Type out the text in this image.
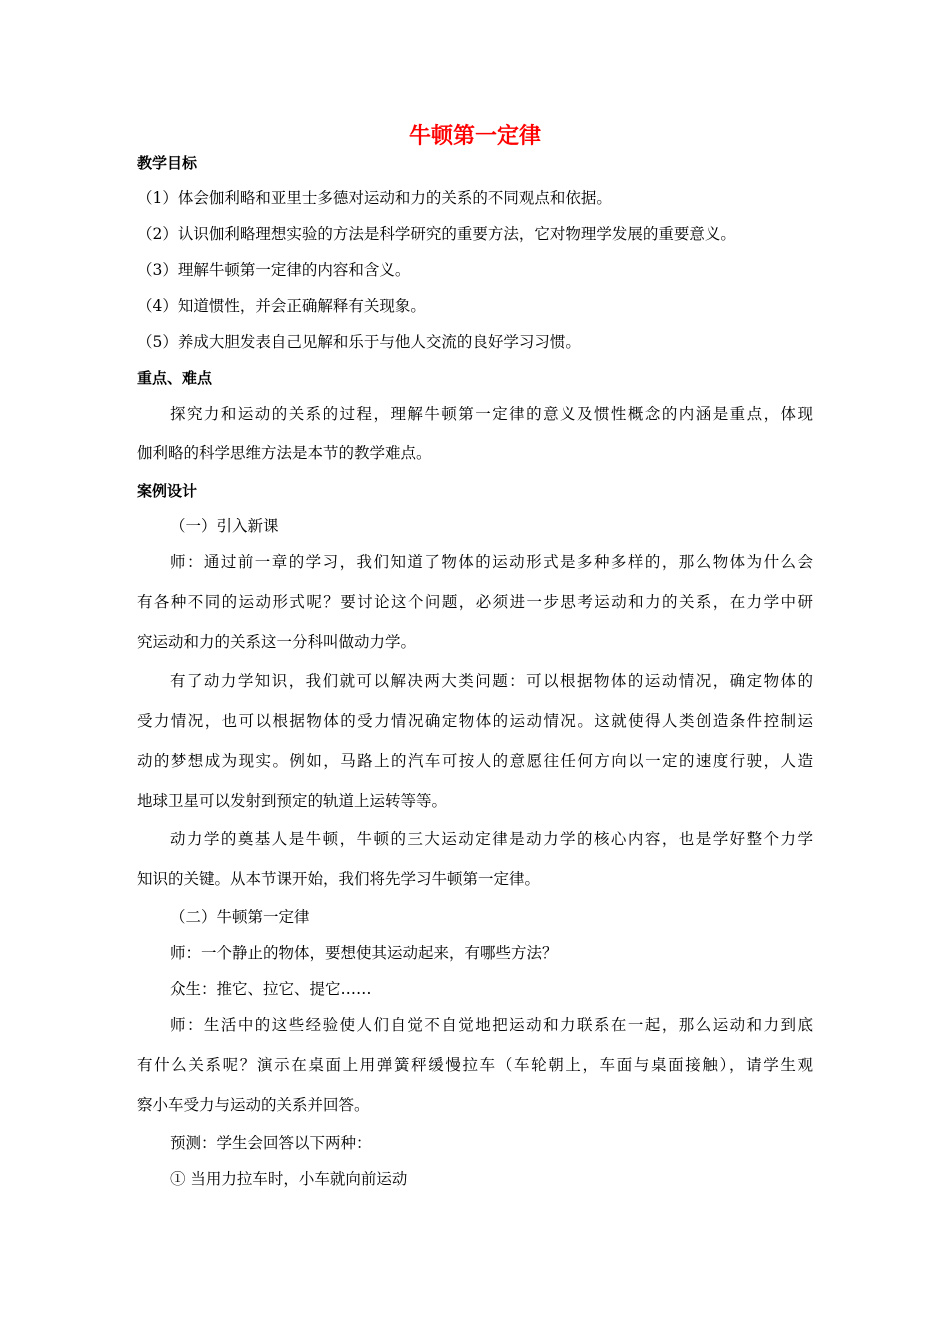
牛顿第一定律
教学目标
（1）体会伽利略和亚里士多德对运动和力的关系的不同观点和依据。
（2）认识伽利略理想实验的方法是科学研究的重要方法，它对物理学发展的重要意义。
（3）理解牛顿第一定律的内容和含义。
（4）知道惯性，并会正确解释有关现象。
（5）养成大胆发表自己见解和乐于与他人交流的良好学习习惯。
重点、难点
探究力和运动的关系的过程，理解牛顿第一定律的意义及惯性概念的内涵是重点，体现
伽利略的科学思维方法是本节的教学难点。
案例设计
（一）引入新课
师：通过前一章的学习，我们知道了物体的运动形式是多种多样的，那么物体为什么会
有各种不同的运动形式呢？要讨论这个问题，必须进一步思考运动和力的关系，在力学中研
究运动和力的关系这一分科叫做动力学。
有了动力学知识，我们就可以解决两大类问题：可以根据物体的运动情况，确定物体的
受力情况，也可以根据物体的受力情况确定物体的运动情况。这就使得人类创造条件控制运
动的梦想成为现实。例如，马路上的汽车可按人的意愿往任何方向以一定的速度行驶，人造
地球卫星可以发射到预定的轨道上运转等等。
动力学的奠基人是牛顿，牛顿的三大运动定律是动力学的核心内容，也是学好整个力学
知识的关键。从本节课开始，我们将先学习牛顿第一定律。
（二）牛顿第一定律
师：一个静止的物体，要想使其运动起来，有哪些方法？
众生：推它、拉它、提它……
师：生活中的这些经验使人们自觉不自觉地把运动和力联系在一起，那么运动和力到底
有什么关系呢？演示在桌面上用弹簧秤缓慢拉车（车轮朝上，车面与桌面接触），请学生观
察小车受力与运动的关系并回答。
预测：学生会回答以下两种：
① 当用力拉车时，小车就向前运动
